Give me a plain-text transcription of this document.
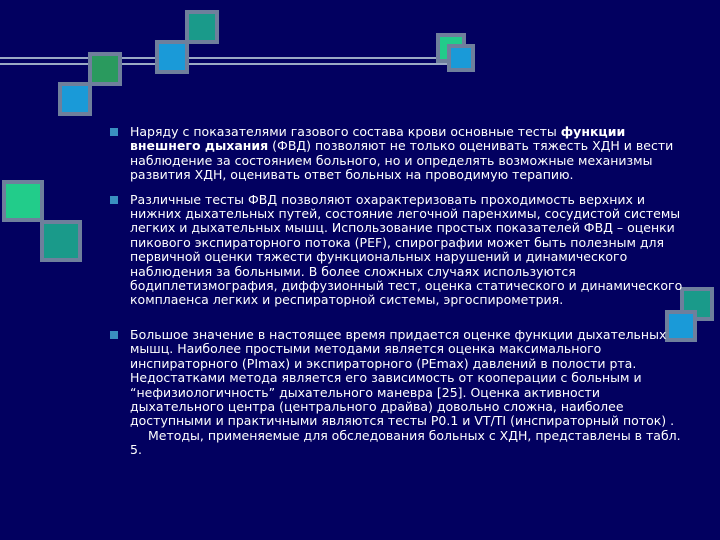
Наряду с показателями газового состава крови основные тесты функции внешнего дыхания (ФВД) позволяют не только оценивать тяжесть ХДН и вести наблюдение за состоянием больного, но и определять возможные механизмы развития ХДН, оценивать ответ больных на проводимую терапию.
Различные тесты ФВД позволяют охарактеризовать проходимость верхних и нижних дыхательных путей, состояние легочной паренхимы, сосудистой системы легких и дыхательных мышц. Использование простых показателей ФВД – оценки пикового экспираторного потока (PEF), спирографии может быть полезным для первичной оценки тяжести функциональных нарушений и динамического наблюдения за больными. В более сложных случаях используются бодиплетизмография, диффузионный тест, оценка статического и динамического комплаенса легких и респираторной системы, эргоспирометрия.
Большое значение в настоящее время придается оценке функции дыхательных мышц. Наиболее простыми методами является оценка максимального инспираторного (PImax) и экспираторного (PEmax) давлений в полости рта. Недостатками метода является его зависимость от кооперации с больным и “нефизиологичность” дыхательного маневра [25]. Оценка активности дыхательного центра (центрального драйва) довольно сложна, наиболее доступными и практичными являются тесты P0.1 и VT/TI (инспираторный поток) .
Методы, применяемые для обследования больных с ХДН, представлены в табл. 5.
